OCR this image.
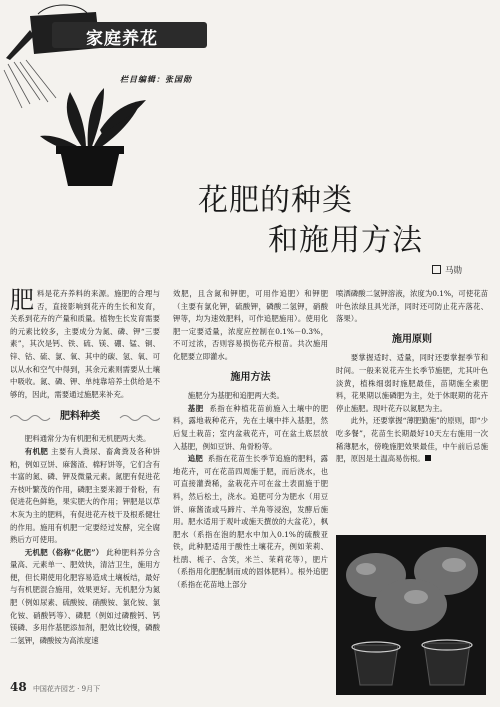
家庭养花
栏目编辑：张国勋
花肥的种类
和施用方法
马勋
肥 料是花卉养料的来源。施肥的合理与否，直接影响到花卉的生长和发育，关系到花卉的产量和质量。植物生长发育需要的元素比较多，主要成分为氮、磷、钾“三要素”，其次是钙、铁、硫、镁、硼、锰、铜、锌、钴、硫、氯、氧、其中的碳、氢、氧、可以从水和空气中得到，其余元素则需要从土壤中吸收。氮、磷、钾、单纯靠培养土供给是不够的，因此，需要通过施肥来补充。
肥料种类

肥料通常分为有机肥和无机肥两大类。

有机肥 主要有人粪尿、畜禽粪及各种饼粕，例如豆饼、麻酱渣、棉籽饼等，它们含有丰富的氮、磷、钾及微量元素。氮肥有促进花卉枝叶繁茂的作用，磷肥主要来源于骨粉，有促进花色鲜艳，果实肥大的作用；钾肥是以草木灰为主的肥料，有促进花卉枝干及根系健壮的作用。施用有机肥一定要经过发酵，完全腐熟后方可使用。

无机肥（俗称“化肥”） 此种肥料养分含量高、元素单一、肥效快，清洁卫生，施用方便，但长期使用化肥容易造成土壤板结，最好与有机肥混合施用，效果更好。无机肥分为氮肥（例如尿素、硫酸铵、硝酸铵、氯化铵、氯化铵、硝酸钙等）、磷肥（例如过磷酸钙、钙镁磷、多用作基肥添加剂，肥效比较慢，磷酸二氢钾，磷酸铵为高浓度速

效肥，且含氮和钾肥，可用作追肥）和钾肥（主要有氯化钾，硫酸钾，磷酸二氢钾，硝酸钾等，均为速效肥料，可作追肥施用）。使用化肥一定要适量，浓度应控制在0.1%－0.3%，不可过浓，否则容易损伤花卉根苗。共次施用化肥要立即灌水。

施用方法

施肥分为基肥和追肥两大类。

基肥 系指在种植花苗前施入土壤中的肥料，露地栽种花卉，先在土壤中拌入基肥，然后复土栽苗；室内盆栽花卉，可在盆土底层放入基肥，例如豆饼、角骨粉等。

追肥 系指在花苗生长季节追施的肥料，露地花卉，可在花苗四周施于肥，而后浇水，也可直接灌粪稀，盆栽花卉可在盆土表面施于肥料，然后松土，浇水。追肥可分为肥水（用豆饼、麻酱渣或马蹄片、羊角等浸泡，发酵后施用。肥水适用于观叶或施天撰放的大盆花），枫肥水（系指在泡的肥水中加入0.1%的硫酸亚铁，此种肥适用于酸性土壤花卉，例如茉莉、杜鹃、栀子、含笑，米兰、茉莉花等），肥片（系指用化肥配制而成的固体肥料）。根外追肥（系指在花苗地上部分

喷洒磷酸二氢钾溶液，浓度为0.1%，可使花苗叶色浓绿且具光泽，同时还可防止花卉落花、落果）。

施用原则

要掌握适时、适量，同时还要掌握季节和时间。一般来说花卉生长季节施肥，尤其叶色淡黄，植株细弱时施肥最佳，苗期施全素肥料，花果期以施磷肥为主，处于休眠期的花卉停止施肥。现叶花卉以氮肥为主。

此外，还要掌握“薄肥勤施”的原则，即“少吃多餐”，花苗生长期最好10天左右施用一次稀薄肥水，傍晚施肥效果最佳，中午前后忌施肥，原因是土温高易伤根。

48 中国花卉园艺 · 9月下
